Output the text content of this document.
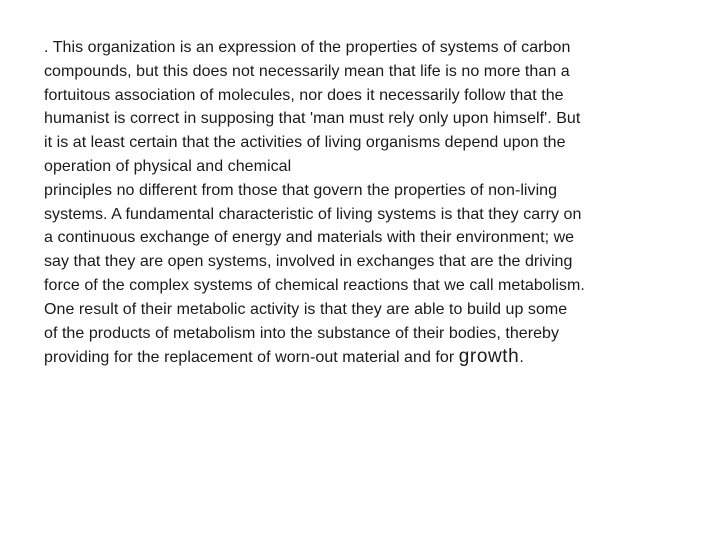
. This organization is an expression of the properties of systems of carbon
compounds, but this does not necessarily mean that life is no more than a
fortuitous association of molecules, nor does it necessarily follow that the
humanist is correct in supposing that 'man must rely only upon himself'. But
it is at least certain that the activities of living organisms depend upon the
operation of physical and chemical
principles no different from those that govern the properties of non-living
systems. A fundamental characteristic of living systems is that they carry on
a continuous exchange of energy and materials with their environment; we
say that they are open systems, involved in exchanges that are the driving
force of the complex systems of chemical reactions that we call metabolism.
One result of their metabolic activity is that they are able to build up some
of the products of metabolism into the substance of their bodies, thereby
providing for the replacement of worn-out material and for growth.
